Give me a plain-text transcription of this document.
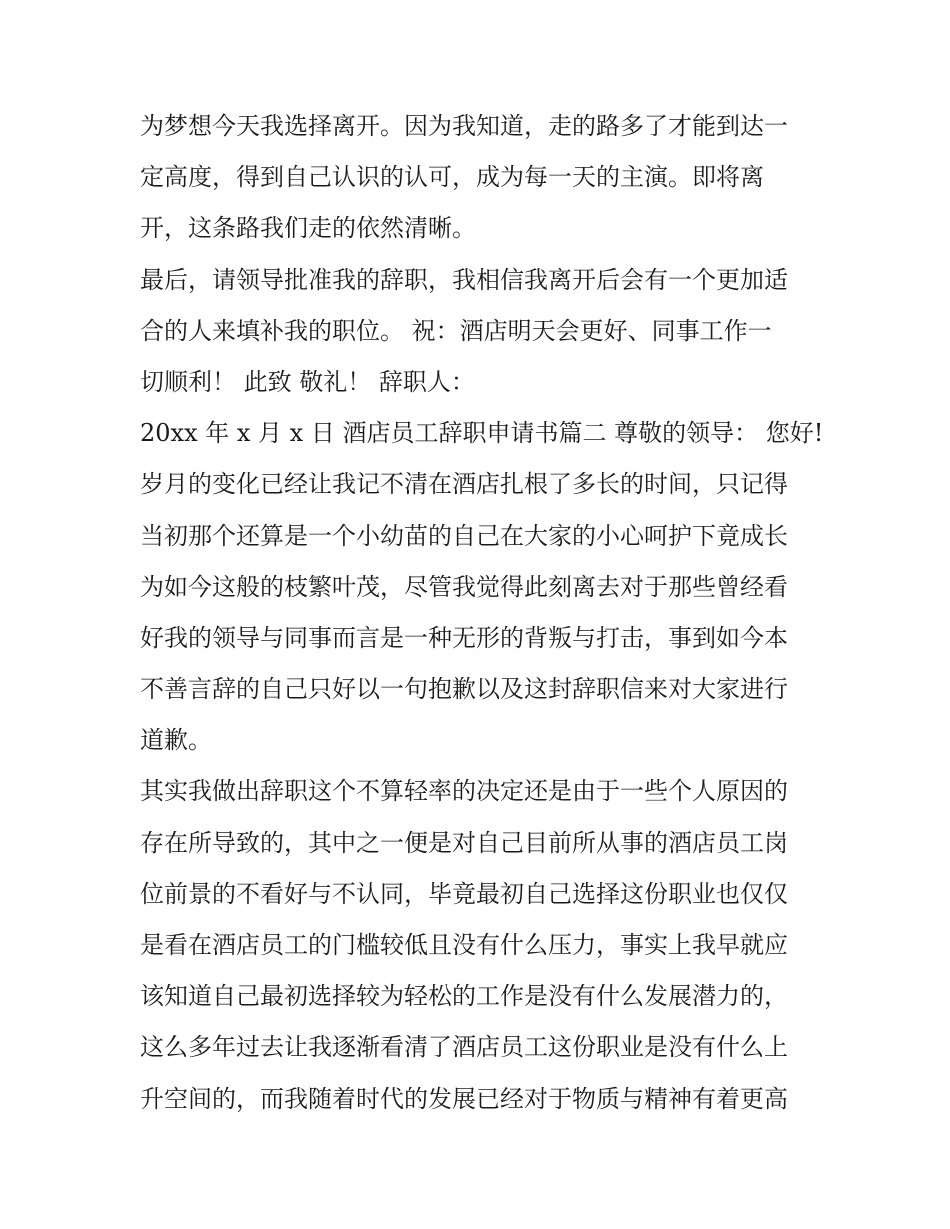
为梦想今天我选择离开。因为我知道，走的路多了才能到达一
定高度，得到自己认识的认可，成为每一天的主演。即将离
开，这条路我们走的依然清晰。
最后，请领导批准我的辞职，我相信我离开后会有一个更加适
合的人来填补我的职位。 祝：酒店明天会更好、同事工作一
切顺利！ 此致 敬礼！ 辞职人：
20xx 年 x 月 x 日 酒店员工辞职申请书篇二 尊敬的领导： 您好!
岁月的变化已经让我记不清在酒店扎根了多长的时间，只记得
当初那个还算是一个小幼苗的自己在大家的小心呵护下竟成长
为如今这般的枝繁叶茂，尽管我觉得此刻离去对于那些曾经看
好我的领导与同事而言是一种无形的背叛与打击，事到如今本
不善言辞的自己只好以一句抱歉以及这封辞职信来对大家进行
道歉。
其实我做出辞职这个不算轻率的决定还是由于一些个人原因的
存在所导致的，其中之一便是对自己目前所从事的酒店员工岗
位前景的不看好与不认同，毕竟最初自己选择这份职业也仅仅
是看在酒店员工的门槛较低且没有什么压力，事实上我早就应
该知道自己最初选择较为轻松的工作是没有什么发展潜力的，
这么多年过去让我逐渐看清了酒店员工这份职业是没有什么上
升空间的，而我随着时代的发展已经对于物质与精神有着更高
